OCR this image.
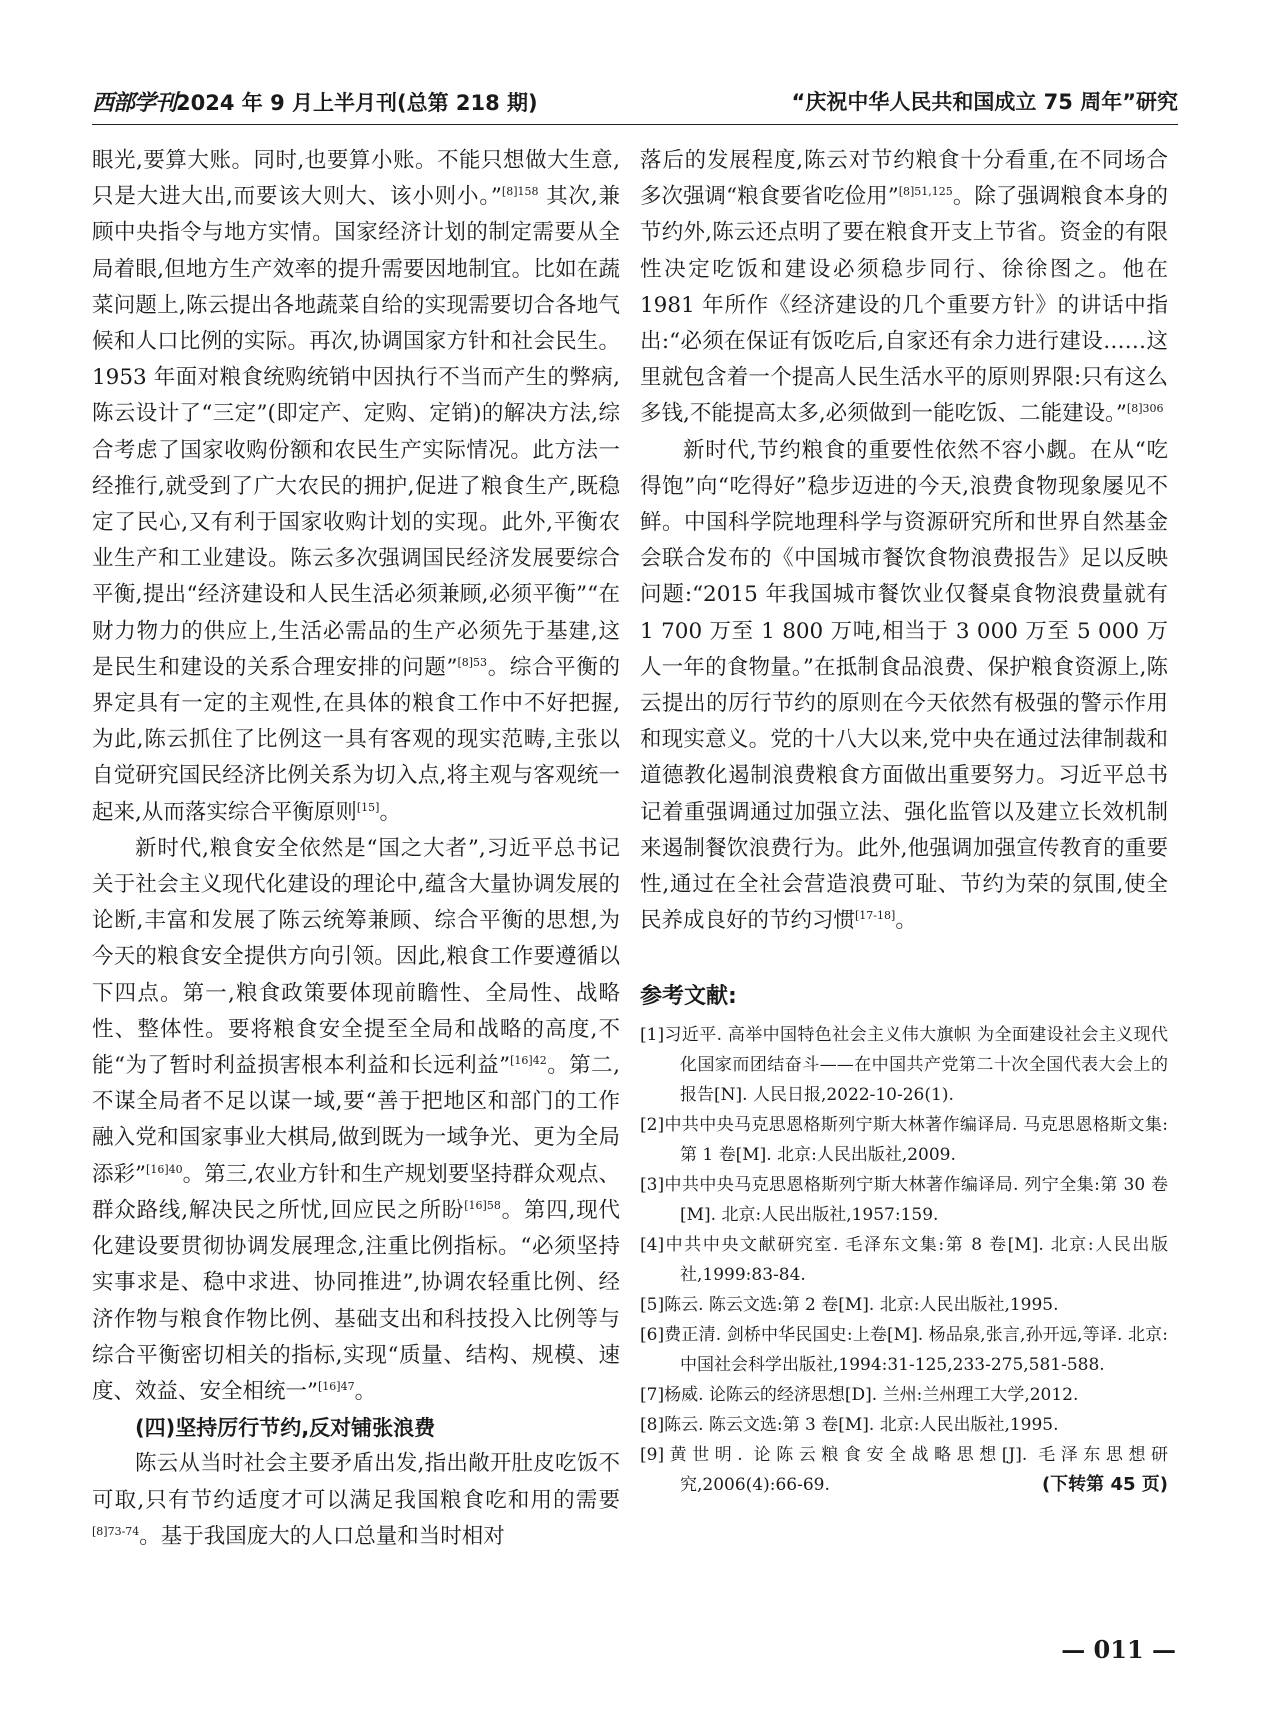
西部学刊2024 年 9 月上半月刊(总第 218 期)	“庆祝中华人民共和国成立 75 周年”研究

眼光,要算大账。同时,也要算小账。不能只想做大生意,只是大进大出,而要该大则大、该小则小。”$^{[8]158}$ 其次,兼顾中央指令与地方实情。国家经济计划的制定需要从全局着眼,但地方生产效率的提升需要因地制宜。比如在蔬菜问题上,陈云提出各地蔬菜自给的实现需要切合各地气候和人口比例的实际。再次,协调国家方针和社会民生。1953 年面对粮食统购统销中因执行不当而产生的弊病,陈云设计了“三定”(即定产、定购、定销)的解决方法,综合考虑了国家收购份额和农民生产实际情况。此方法一经推行,就受到了广大农民的拥护,促进了粮食生产,既稳定了民心,又有利于国家收购计划的实现。此外,平衡农业生产和工业建设。陈云多次强调国民经济发展要综合平衡,提出“经济建设和人民生活必须兼顾,必须平衡”“在财力物力的供应上,生活必需品的生产必须先于基建,这是民生和建设的关系合理安排的问题”$^{[8]53}$。综合平衡的界定具有一定的主观性,在具体的粮食工作中不好把握,为此,陈云抓住了比例这一具有客观的现实范畴,主张以自觉研究国民经济比例关系为切入点,将主观与客观统一起来,从而落实综合平衡原则[15]。

新时代,粮食安全依然是“国之大者”,习近平总书记关于社会主义现代化建设的理论中,蕴含大量协调发展的论断,丰富和发展了陈云统筹兼顾、综合平衡的思想,为今天的粮食安全提供方向引领。因此,粮食工作要遵循以下四点。第一,粮食政策要体现前瞻性、全局性、战略性、整体性。要将粮食安全提至全局和战略的高度,不能“为了暂时利益损害根本利益和长远利益”$^{[16]42}$。第二,不谋全局者不足以谋一域,要“善于把地区和部门的工作融入党和国家事业大棋局,做到既为一域争光、更为全局添彩”$^{[16]40}$。第三,农业方针和生产规划要坚持群众观点、群众路线,解决民之所忧,回应民之所盼$^{[16]58}$。第四,现代化建设要贯彻协调发展理念,注重比例指标。“必须坚持实事求是、稳中求进、协同推进”,协调农轻重比例、经济作物与粮食作物比例、基础支出和科技投入比例等与综合平衡密切相关的指标,实现“质量、结构、规模、速度、效益、安全相统一”$^{[16]47}$。

(四)坚持厉行节约,反对铺张浪费

陈云从当时社会主要矛盾出发,指出敞开肚皮吃饭不可取,只有节约适度才可以满足我国粮食吃和用的需要$^{[8]73-74}$。基于我国庞大的人口总量和当时相对

落后的发展程度,陈云对节约粮食十分看重,在不同场合多次强调“粮食要省吃俭用”$^{[8]51,125}$。除了强调粮食本身的节约外,陈云还点明了要在粮食开支上节省。资金的有限性决定吃饭和建设必须稳步同行、徐徐图之。他在 1981 年所作《经济建设的几个重要方针》的讲话中指出:“必须在保证有饭吃后,自家还有余力进行建设……这里就包含着一个提高人民生活水平的原则界限:只有这么多钱,不能提高太多,必须做到一能吃饭、二能建设。”$^{[8]306}$

新时代,节约粮食的重要性依然不容小觑。在从“吃得饱”向“吃得好”稳步迈进的今天,浪费食物现象屡见不鲜。中国科学院地理科学与资源研究所和世界自然基金会联合发布的《中国城市餐饮食物浪费报告》足以反映问题:“2015 年我国城市餐饮业仅餐桌食物浪费量就有 1 700 万至 1 800 万吨,相当于 3 000 万至 5 000 万人一年的食物量。”在抵制食品浪费、保护粮食资源上,陈云提出的厉行节约的原则在今天依然有极强的警示作用和现实意义。党的十八大以来,党中央在通过法律制裁和道德教化遏制浪费粮食方面做出重要努力。习近平总书记着重强调通过加强立法、强化监管以及建立长效机制来遏制餐饮浪费行为。此外,他强调加强宣传教育的重要性,通过在全社会营造浪费可耻、节约为荣的氛围,使全民养成良好的节约习惯[17-18]。

参考文献:
[1]习近平. 高举中国特色社会主义伟大旗帜 为全面建设社会主义现代化国家而团结奋斗——在中国共产党第二十次全国代表大会上的报告[N]. 人民日报,2022-10-26(1).
[2]中共中央马克思恩格斯列宁斯大林著作编译局. 马克思恩格斯文集:第 1 卷[M]. 北京:人民出版社,2009.
[3]中共中央马克思恩格斯列宁斯大林著作编译局. 列宁全集:第 30 卷[M]. 北京:人民出版社,1957:159.
[4]中共中央文献研究室. 毛泽东文集:第 8 卷[M]. 北京:人民出版社,1999:83-84.
[5]陈云. 陈云文选:第 2 卷[M]. 北京:人民出版社,1995.
[6]费正清. 剑桥中华民国史:上卷[M]. 杨品泉,张言,孙开远,等译. 北京:中国社会科学出版社,1994:31-125,233-275,581-588.
[7]杨威. 论陈云的经济思想[D]. 兰州:兰州理工大学,2012.
[8]陈云. 陈云文选:第 3 卷[M]. 北京:人民出版社,1995.
[9]黄世明. 论陈云粮食安全战略思想[J]. 毛泽东思想研究,2006(4):66-69.	(下转第 45 页)
— 011 —
